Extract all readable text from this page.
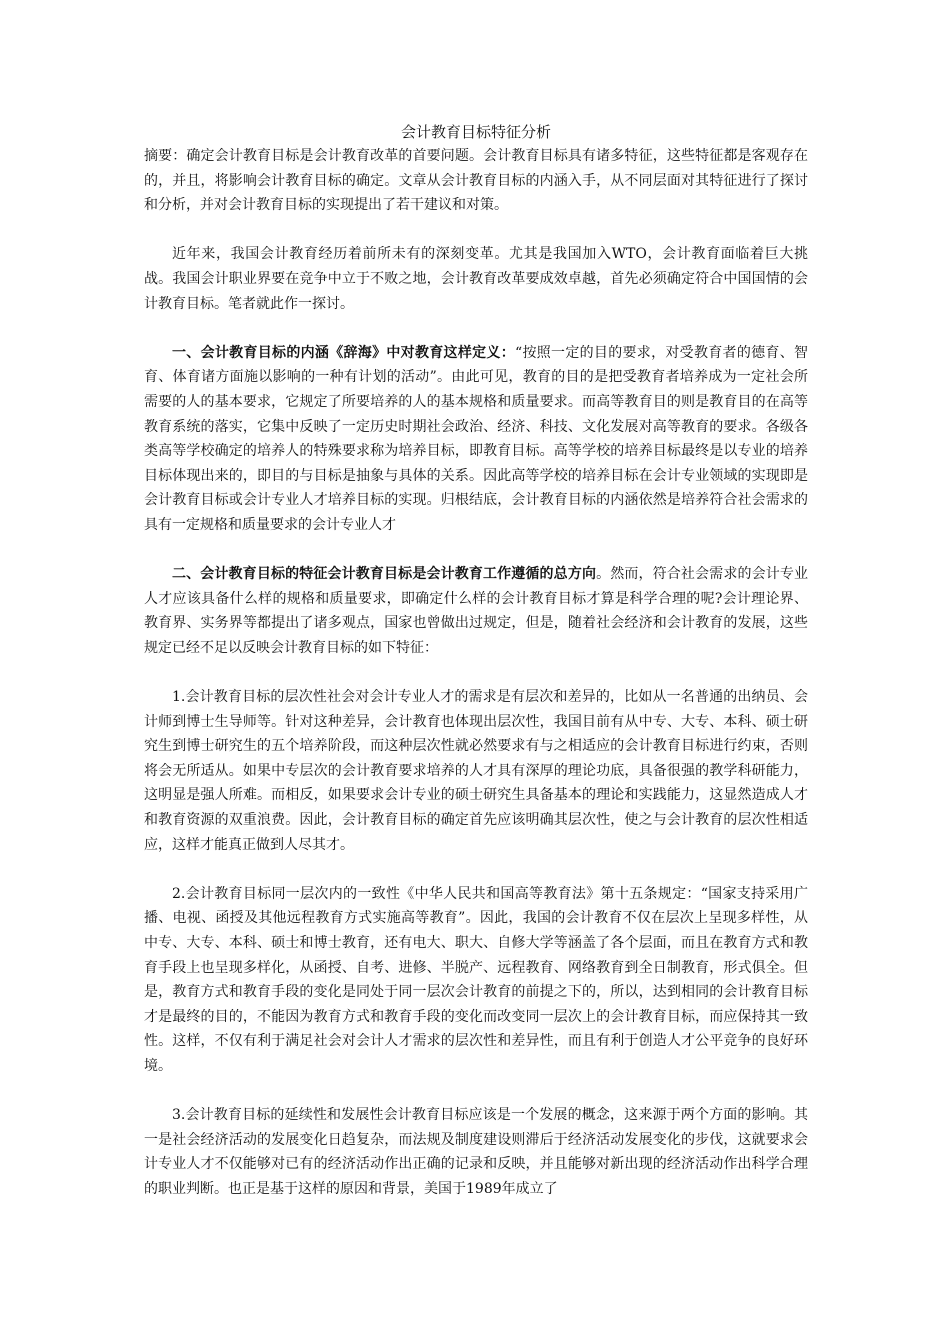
会计教育目标特征分析

摘要：确定会计教育目标是会计教育改革的首要问题。会计教育目标具有诸多特征，这些特征都是客观存在的，并且，将影响会计教育目标的确定。文章从会计教育目标的内涵入手，从不同层面对其特征进行了探讨和分析，并对会计教育目标的实现提出了若干建议和对策。

近年来，我国会计教育经历着前所未有的深刻变革。尤其是我国加入WTO，会计教育面临着巨大挑战。我国会计职业界要在竞争中立于不败之地，会计教育改革要成效卓越，首先必须确定符合中国国情的会计教育目标。笔者就此作一探讨。

一、会计教育目标的内涵《辞海》中对教育这样定义：“按照一定的目的要求，对受教育者的德育、智育、体育诸方面施以影响的一种有计划的活动”。由此可见，教育的目的是把受教育者培养成为一定社会所需要的人的基本要求，它规定了所要培养的人的基本规格和质量要求。而高等教育目的则是教育目的在高等教育系统的落实，它集中反映了一定历史时期社会政治、经济、科技、文化发展对高等教育的要求。各级各类高等学校确定的培养人的特殊要求称为培养目标，即教育目标。高等学校的培养目标最终是以专业的培养目标体现出来的，即目的与目标是抽象与具体的关系。因此高等学校的培养目标在会计专业领域的实现即是会计教育目标或会计专业人才培养目标的实现。归根结底，会计教育目标的内涵依然是培养符合社会需求的具有一定规格和质量要求的会计专业人才

二、会计教育目标的特征会计教育目标是会计教育工作遵循的总方向。然而，符合社会需求的会计专业人才应该具备什么样的规格和质量要求，即确定什么样的会计教育目标才算是科学合理的呢?会计理论界、教育界、实务界等都提出了诸多观点，国家也曾做出过规定，但是，随着社会经济和会计教育的发展，这些规定已经不足以反映会计教育目标的如下特征：

1.会计教育目标的层次性社会对会计专业人才的需求是有层次和差异的，比如从一名普通的出纳员、会计师到博士生导师等。针对这种差异，会计教育也体现出层次性，我国目前有从中专、大专、本科、硕士研究生到博士研究生的五个培养阶段，而这种层次性就必然要求有与之相适应的会计教育目标进行约束，否则将会无所适从。如果中专层次的会计教育要求培养的人才具有深厚的理论功底，具备很强的教学科研能力，这明显是强人所难。而相反，如果要求会计专业的硕士研究生具备基本的理论和实践能力，这显然造成人才和教育资源的双重浪费。因此，会计教育目标的确定首先应该明确其层次性，使之与会计教育的层次性相适应，这样才能真正做到人尽其才。

2.会计教育目标同一层次内的一致性《中华人民共和国高等教育法》第十五条规定：“国家支持采用广播、电视、函授及其他远程教育方式实施高等教育”。因此，我国的会计教育不仅在层次上呈现多样性，从中专、大专、本科、硕士和博士教育，还有电大、职大、自修大学等涵盖了各个层面，而且在教育方式和教育手段上也呈现多样化，从函授、自考、进修、半脱产、远程教育、网络教育到全日制教育，形式俱全。但是，教育方式和教育手段的变化是同处于同一层次会计教育的前提之下的，所以，达到相同的会计教育目标才是最终的目的，不能因为教育方式和教育手段的变化而改变同一层次上的会计教育目标，而应保持其一致性。这样，不仅有利于满足社会对会计人才需求的层次性和差异性，而且有利于创造人才公平竞争的良好环境。

3.会计教育目标的延续性和发展性会计教育目标应该是一个发展的概念，这来源于两个方面的影响。其一是社会经济活动的发展变化日趋复杂，而法规及制度建设则滞后于经济活动发展变化的步伐，这就要求会计专业人才不仅能够对已有的经济活动作出正确的记录和反映，并且能够对新出现的经济活动作出科学合理的职业判断。也正是基于这样的原因和背景，美国于1989年成立了
